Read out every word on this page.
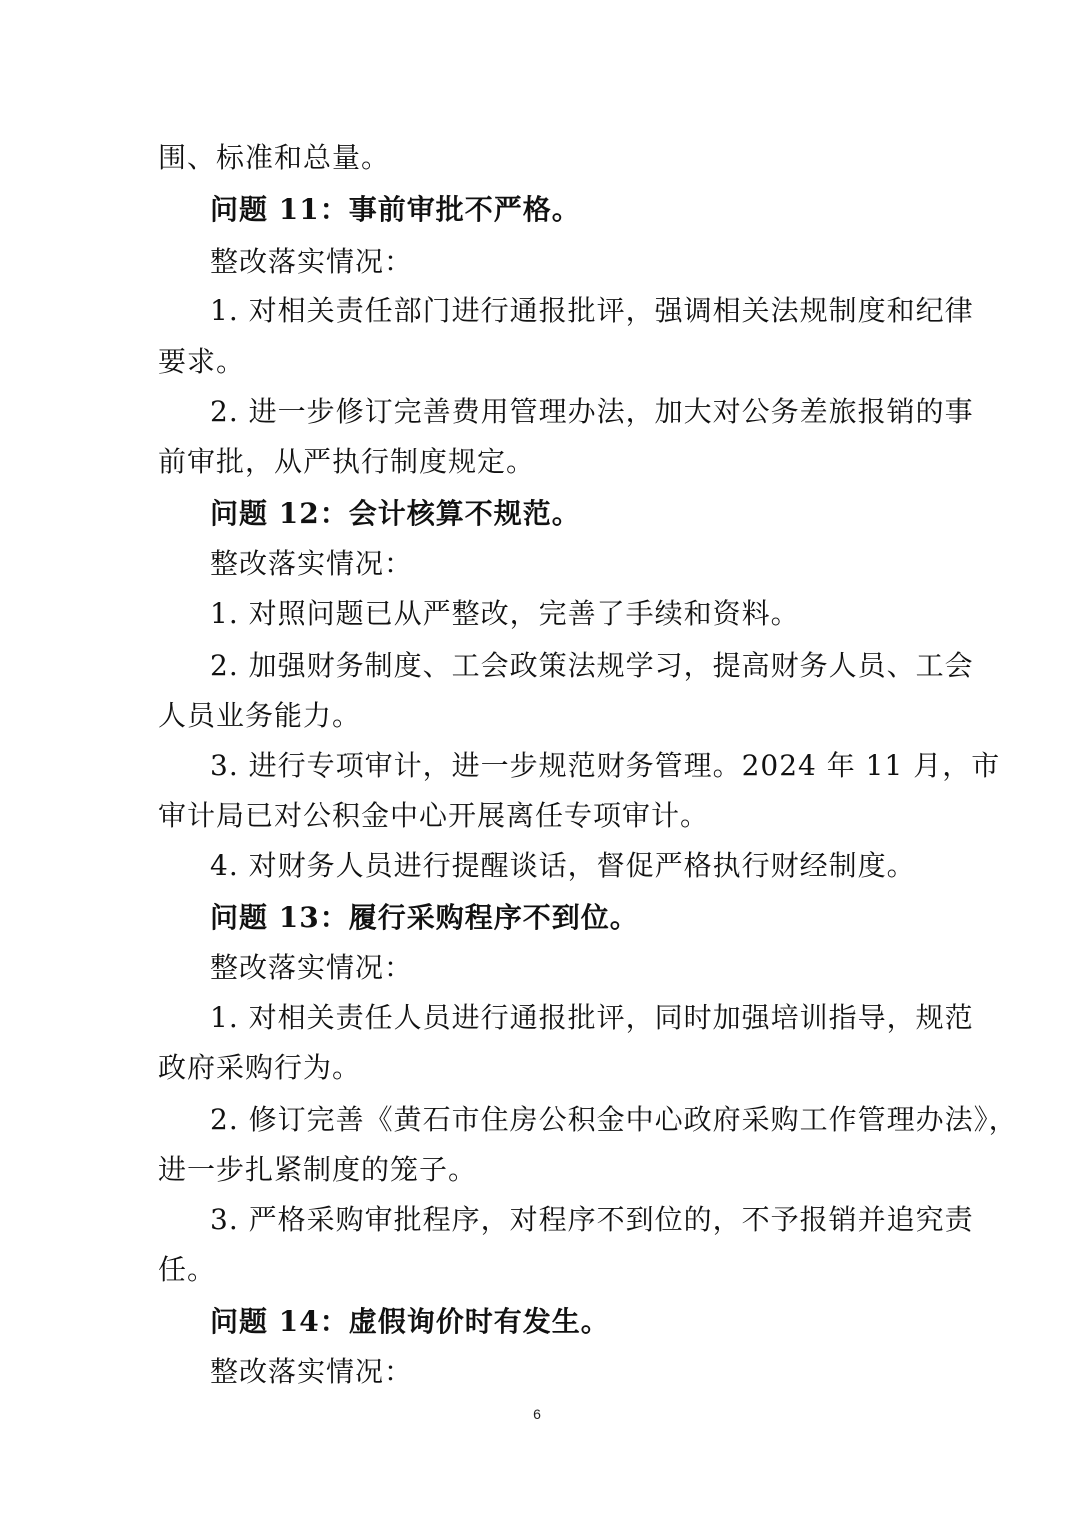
围、标准和总量。
问题 11：事前审批不严格。
整改落实情况：
1. 对相关责任部门进行通报批评，强调相关法规制度和纪律
要求。
2. 进一步修订完善费用管理办法，加大对公务差旅报销的事
前审批，从严执行制度规定。
问题 12：会计核算不规范。
整改落实情况：
1. 对照问题已从严整改，完善了手续和资料。
2. 加强财务制度、工会政策法规学习，提高财务人员、工会
人员业务能力。
3. 进行专项审计，进一步规范财务管理。2024 年 11 月，市
审计局已对公积金中心开展离任专项审计。
4. 对财务人员进行提醒谈话，督促严格执行财经制度。
问题 13：履行采购程序不到位。
整改落实情况：
1. 对相关责任人员进行通报批评，同时加强培训指导，规范
政府采购行为。
2. 修订完善《黄石市住房公积金中心政府采购工作管理办法》，
进一步扎紧制度的笼子。
3. 严格采购审批程序，对程序不到位的，不予报销并追究责
任。
问题 14：虚假询价时有发生。
整改落实情况：
6
